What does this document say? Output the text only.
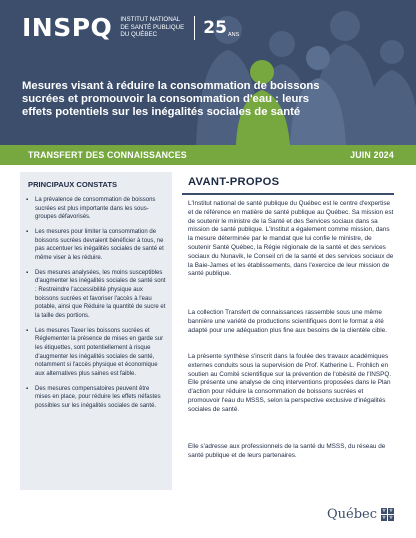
INSPQ INSTITUT NATIONAL
DE SANTÉ PUBLIQUE
DU QUÉBEC	25 ANS
Mesures visant à réduire la consommation de boissons sucrées et promouvoir la consommation d'eau : leurs effets potentiels sur les inégalités sociales de santé
TRANSFERT DES CONNAISSANCES	JUIN 2024
PRINCIPAUX CONSTATS
▪ La prévalence de consommation de boissons sucrées est plus importante dans les sous-groupes défavorisés.
▪ Les mesures pour limiter la consommation de boissons sucrées devraient bénéficier à tous, ne pas accentuer les inégalités sociales de santé et même viser à les réduire.
▪ Des mesures analysées, les moins susceptibles d'augmenter les inégalités sociales de santé sont : Restreindre l'accessibilité physique aux boissons sucrées et favoriser l'accès à l'eau potable, ainsi que Réduire la quantité de sucre et la taille des portions.
▪ Les mesures Taxer les boissons sucrées et Réglementer la présence de mises en garde sur les étiquettes, sont potentiellement à risque d'augmenter les inégalités sociales de santé, notamment si l'accès physique et économique aux alternatives plus saines est faible.
▪ Des mesures compensatoires peuvent être mises en place, pour réduire les effets néfastes possibles sur les inégalités sociales de santé.
AVANT-PROPOS

L'Institut national de santé publique du Québec est le centre d'expertise et de référence en matière de santé publique au Québec. Sa mission est de soutenir le ministre de la Santé et des Services sociaux dans sa mission de santé publique. L'Institut a également comme mission, dans la mesure déterminée par le mandat que lui confie le ministre, de soutenir Santé Québec, la Régie régionale de la santé et des services sociaux du Nunavik, le Conseil cri de la santé et des services sociaux de la Baie-James et les établissements, dans l'exercice de leur mission de santé publique.

La collection Transfert de connaissances rassemble sous une même bannière une variété de productions scientifiques dont le format a été adapté pour une adéquation plus fine aux besoins de la clientèle cible.

La présente synthèse s'inscrit dans la foulée des travaux académiques externes conduits sous la supervision de Prof. Katherine L. Frohlich en soutien au Comité scientifique sur la prévention de l'obésité de l'INSPQ. Elle présente une analyse de cinq interventions proposées dans le Plan d'action pour réduire la consommation de boissons sucrées et promouvoir l'eau du MSSS, selon la perspective exclusive d'inégalités sociales de santé.

Elle s'adresse aux professionnels de la santé du MSSS, du réseau de santé publique et de leurs partenaires.

Québec ⚜ ⚜
⚜ ⚜
